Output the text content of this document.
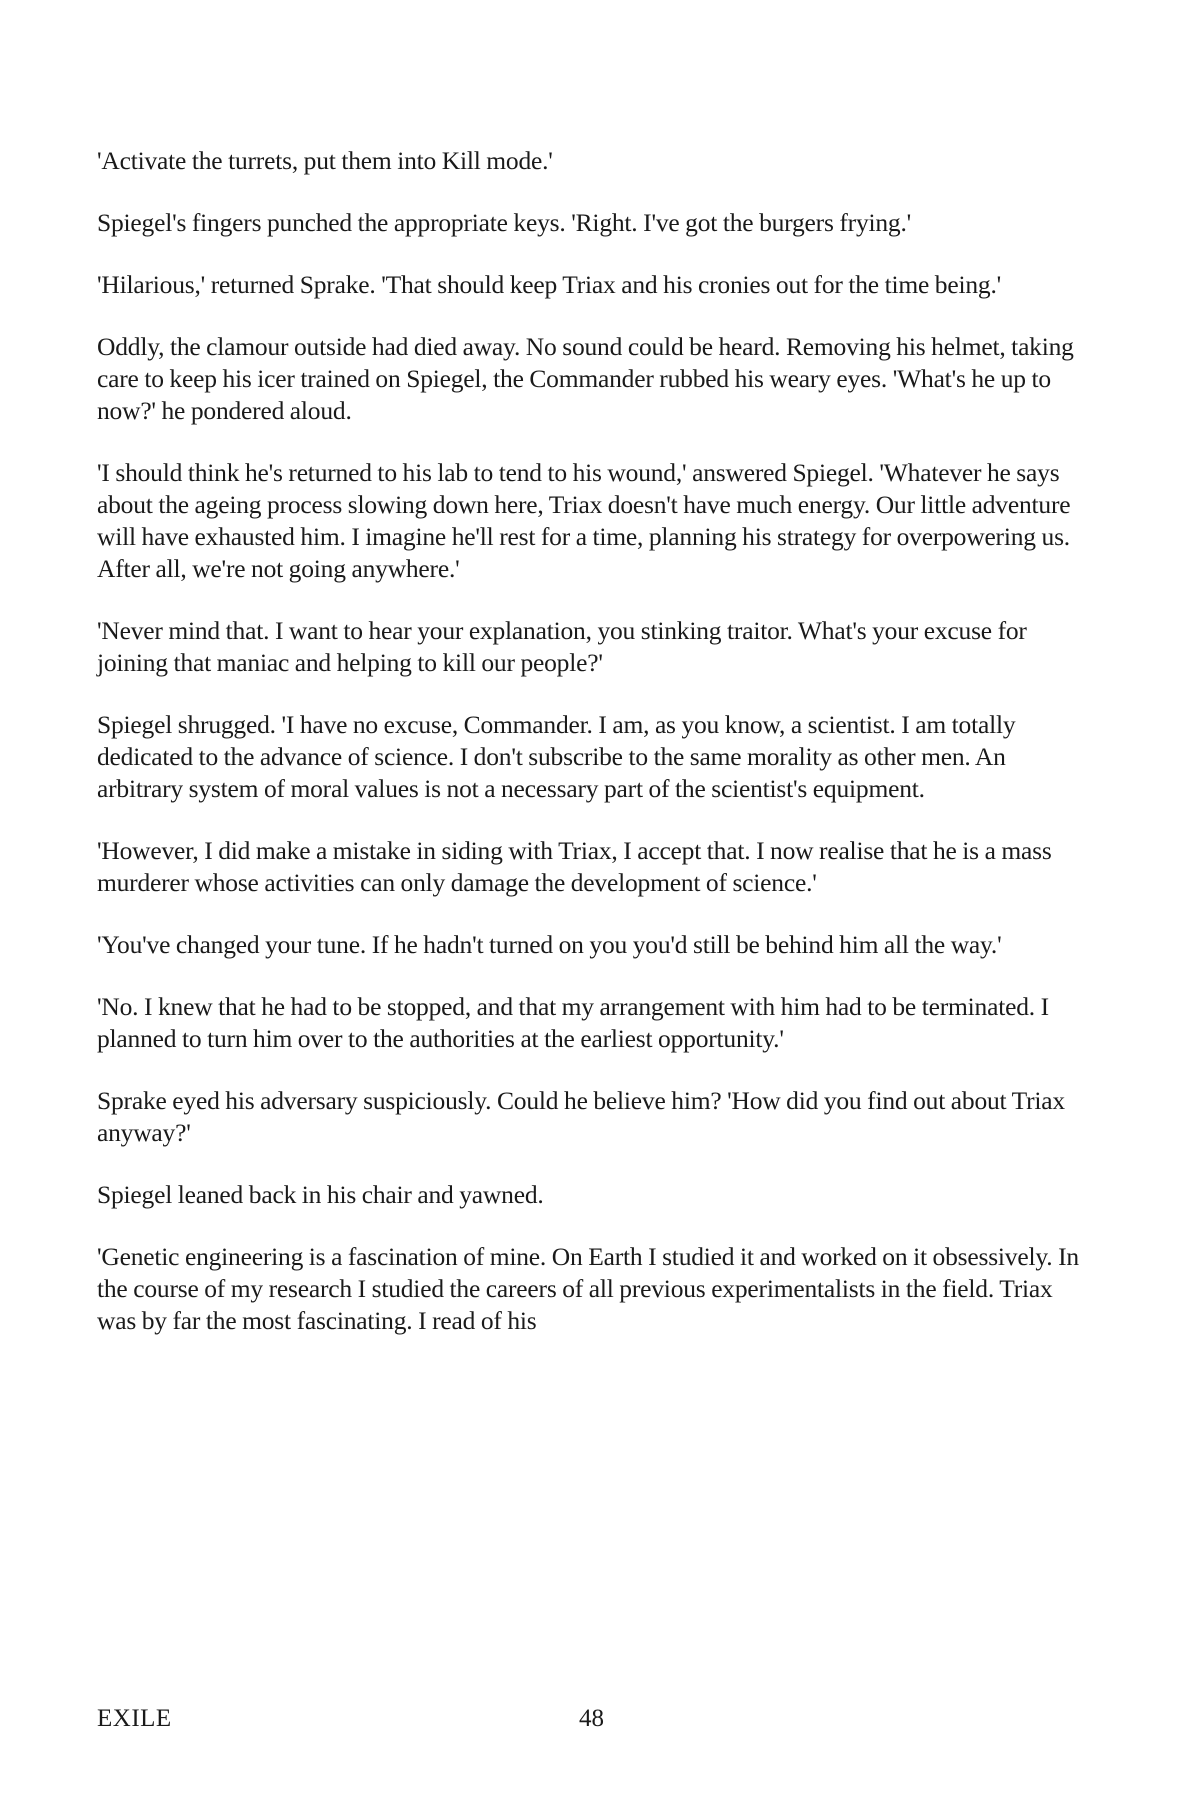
'Activate the turrets, put them into Kill mode.'

Spiegel's fingers punched the appropriate keys. 'Right. I've got the burgers frying.'

'Hilarious,' returned Sprake. 'That should keep Triax and his cronies out for the time being.'

Oddly, the clamour outside had died away. No sound could be heard. Removing his helmet, taking care to keep his icer trained on Spiegel, the Commander rubbed his weary eyes. 'What's he up to now?' he pondered aloud.

'I should think he's returned to his lab to tend to his wound,' answered Spiegel. 'Whatever he says about the ageing process slowing down here, Triax doesn't have much energy. Our little adventure will have exhausted him. I imagine he'll rest for a time, planning his strategy for overpowering us. After all, we're not going anywhere.'

'Never mind that. I want to hear your explanation, you stinking traitor. What's your excuse for joining that maniac and helping to kill our people?'

Spiegel shrugged. 'I have no excuse, Commander. I am, as you know, a scientist. I am totally dedicated to the advance of science. I don't subscribe to the same morality as other men. An arbitrary system of moral values is not a necessary part of the scientist's equipment.

'However, I did make a mistake in siding with Triax, I accept that. I now realise that he is a mass murderer whose activities can only damage the development of science.'

'You've changed your tune. If he hadn't turned on you you'd still be behind him all the way.'

'No. I knew that he had to be stopped, and that my arrangement with him had to be terminated. I planned to turn him over to the authorities at the earliest opportunity.'

Sprake eyed his adversary suspiciously. Could he believe him? 'How did you find out about Triax anyway?'

Spiegel leaned back in his chair and yawned.

'Genetic engineering is a fascination of mine. On Earth I studied it and worked on it obsessively. In the course of my research I studied the careers of all previous experimentalists in the field. Triax was by far the most fascinating. I read of his

EXILE	48
